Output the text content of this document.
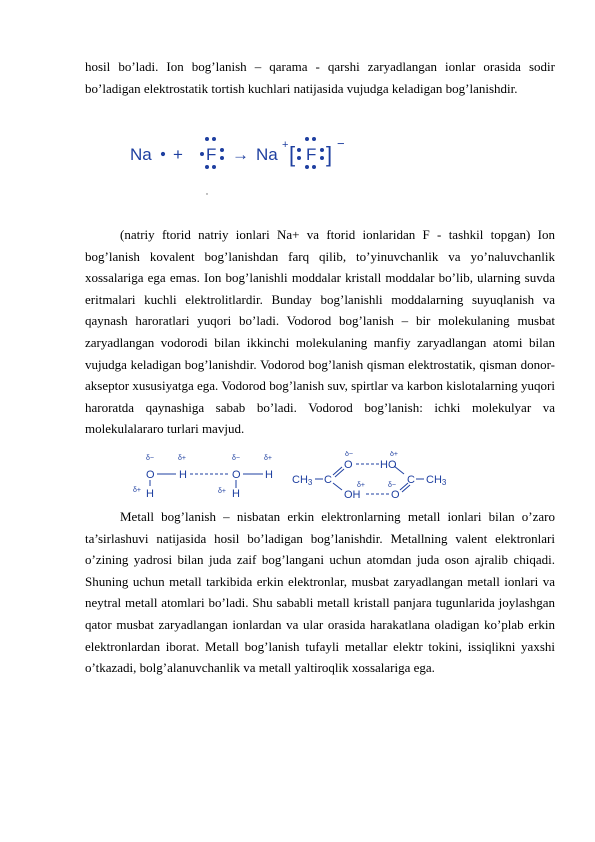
hosil bo’ladi. Ion bog’lanish – qarama - qarshi zaryadlangan ionlar orasida sodir bo’ladigan elektrostatik tortish kuchlari natijasida vujudga keladigan bog’lanishdir.

Na + F → Na + [ F ] −

(natriy ftorid natriy ionlari Na+ va ftorid ionlaridan F - tashkil topgan) Ion bog’lanish kovalent bog’lanishdan farq qilib, to’yinuvchanlik va yo’naluvchanlik xossalariga ega emas. Ion bog’lanishli moddalar kristall moddalar bo’lib, ularning suvda eritmalari kuchli elektrolitlardir. Bunday bog’lanishli moddalarning suyuqlanish va qaynash haroratlari yuqori bo’ladi. Vodorod bog’lanish – bir molekulaning musbat zaryadlangan vodorodi bilan ikkinchi molekulaning manfiy zaryadlangan atomi bilan vujudga keladigan bog’lanishdir. Vodorod bog’lanish qisman elektrostatik, qisman donor-akseptor xususiyatga ega. Vodorod bog’lanish suv, spirtlar va karbon kislotalarning yuqori haroratda qaynashiga sabab bo’ladi. Vodorod bog’lanish: ichki molekulyar va molekulalararo turlari mavjud.

δ−
O
δ+
H
δ+ H
δ−
O
δ+
H
δ+ H
CH3 C
δ−
O
OH
δ+
δ+
HO
δ−
O
C CH3

Metall bog’lanish – nisbatan erkin elektronlarning metall ionlari bilan o’zaro ta’sirlashuvi natijasida hosil bo’ladigan bog’lanishdir. Metallning valent elektronlari o’zining yadrosi bilan juda zaif bog’langani uchun atomdan juda oson ajralib chiqadi. Shuning uchun metall tarkibida erkin elektronlar, musbat zaryadlangan metall ionlari va neytral metall atomlari bo’ladi. Shu sababli metall kristall panjara tugunlarida joylashgan qator musbat zaryadlangan ionlardan va ular orasida harakatlana oladigan ko’plab erkin elektronlardan iborat. Metall bog’lanish tufayli metallar elektr tokini, issiqlikni yaxshi o’tkazadi, bolg’alanuvchanlik va metall yaltiroqlik xossalariga ega.
